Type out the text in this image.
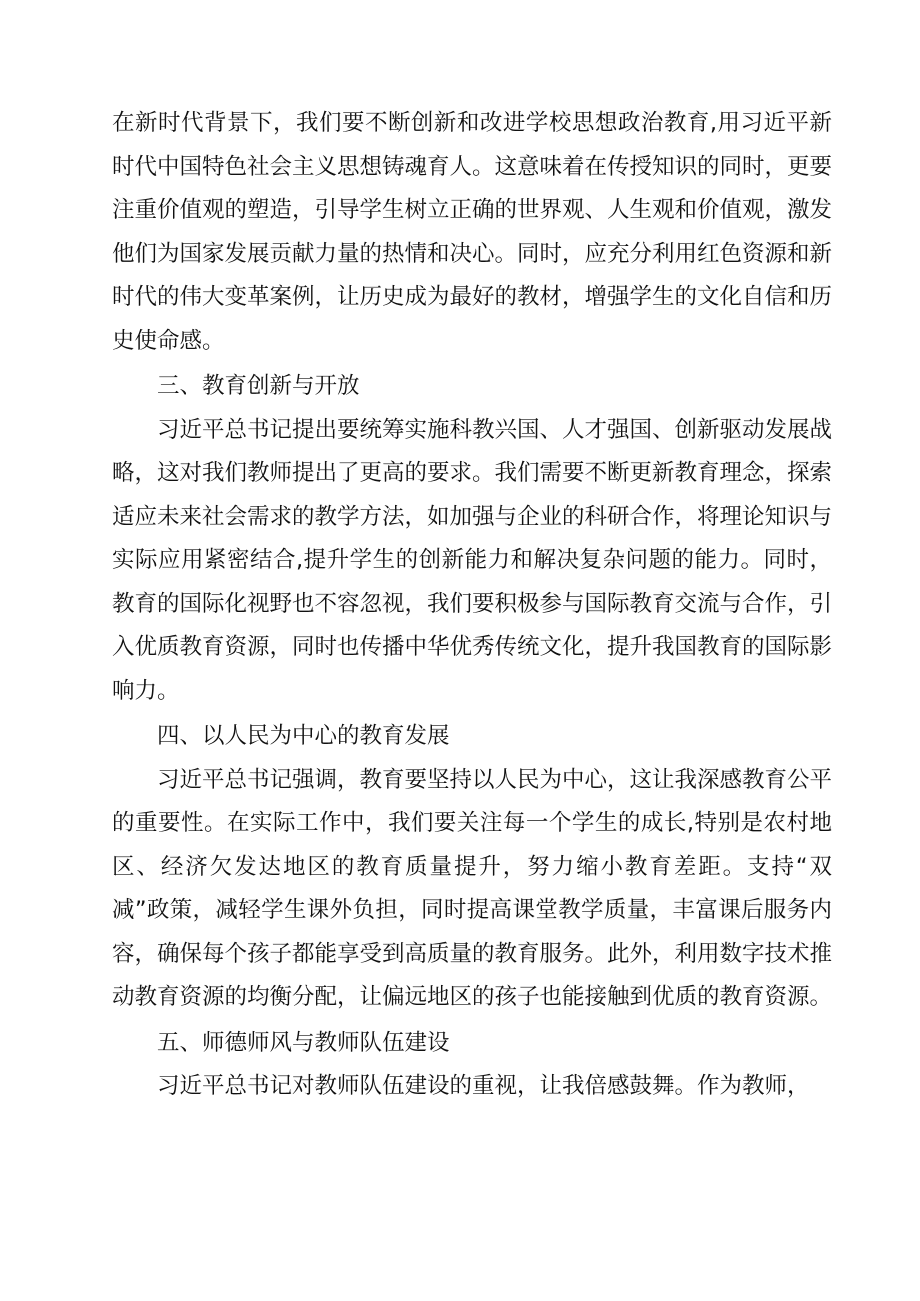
在新时代背景下，我们要不断创新和改进学校思想政治教育,用习近平新时代中国特色社会主义思想铸魂育人。这意味着在传授知识的同时，更要注重价值观的塑造，引导学生树立正确的世界观、人生观和价值观，激发他们为国家发展贡献力量的热情和决心。同时，应充分利用红色资源和新时代的伟大变革案例，让历史成为最好的教材，增强学生的文化自信和历史使命感。

三、教育创新与开放

习近平总书记提出要统筹实施科教兴国、人才强国、创新驱动发展战略，这对我们教师提出了更高的要求。我们需要不断更新教育理念，探索适应未来社会需求的教学方法，如加强与企业的科研合作，将理论知识与实际应用紧密结合,提升学生的创新能力和解决复杂问题的能力。同时，教育的国际化视野也不容忽视，我们要积极参与国际教育交流与合作，引入优质教育资源，同时也传播中华优秀传统文化，提升我国教育的国际影响力。

四、以人民为中心的教育发展

习近平总书记强调，教育要坚持以人民为中心，这让我深感教育公平的重要性。在实际工作中，我们要关注每一个学生的成长,特别是农村地区、经济欠发达地区的教育质量提升，努力缩小教育差距。支持“双减”政策，减轻学生课外负担，同时提高课堂教学质量，丰富课后服务内容，确保每个孩子都能享受到高质量的教育服务。此外，利用数字技术推动教育资源的均衡分配，让偏远地区的孩子也能接触到优质的教育资源。

五、师德师风与教师队伍建设

习近平总书记对教师队伍建设的重视，让我倍感鼓舞。作为教师，
